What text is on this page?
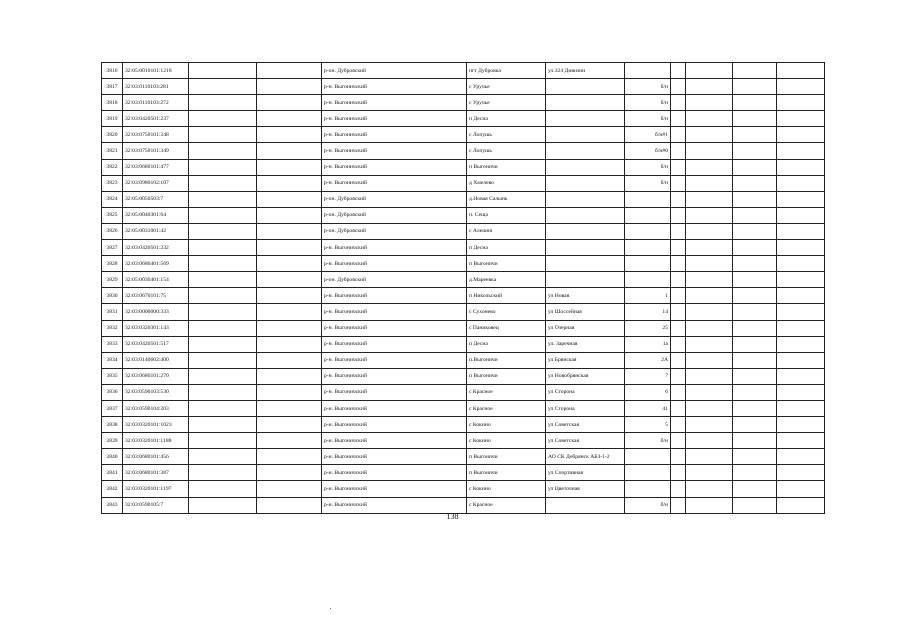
3816	32:05:0010101:1218			р-он. Дубровский	пгт Дубровка	ул.324 Дивизии					
3817	32:03:0110103:281			р-н. Выгоничский	с Уручье		б/н				
3818	32:03:0110103:272			р-н. Выгоничский	с Уручье		б/н				
3819	32:03:0420501:237			р-н. Выгоничский	п Десна		б/н				
3820	32:03:0750101:348			р-н. Выгоничский	с Лопушь		б/н#1				
3821	32:03:0750101:349			р-н. Выгоничский	с Лопушь		б/н#0				
3822	32:03:0680101:477			р-н. Выгоничский	п Выгоничи		б/н				
3823	32:03:0980102:107			р-н. Выгоничский	д Хмелево		б/н				
3824	32:05:0050503:7			р-он. Дубровский	д.Новая Салынь						
3825	32:05:0040301:64			р-он. Дубровский	п. Сеща						
3826	32:05:0031001:42			р-он. Дубровский	с Алешня						
3827	32:03:0420501:232			р-н. Выгоничский	п Десна						
3828	32:03:0680401:569			р-н. Выгоничский	п Выгоничи						
3829	32:05:0030401:154			р-он. Дубровский	д.Мареевка						
3830	32:03:0670101:75			р-н. Выгоничский	п Никольский	ул Новая	1				
3831	32:03:0000000:333			р-н. Выгоничский	с Сухоневo	ул Шоссейная	14				
3832	32:03:0320301:143			р-н. Выгоничский	с Паниковец	ул Озерная	25				
3833	32:03:0420501:517			р-н. Выгоничский	п Десна	ул. Заречная	1а				
3834	32:03:0140602:400			р-н. Выгоничский	п.Выгоничи	ул Брянская	2А				
3835	32:03:0680101:270			р-н. Выгоничский	п Выгоничи	ул Новобрянская	7				
3836	32:03:0590103:530			р-н. Выгоничский	с Красное	ул Сторона	6				
3837	32:03:0590104:203			р-н. Выгоничский	с Красное	ул Сторона	41				
3838	32:03:0320101:1023			р-н. Выгоничский	с Кокино	ул Советская	5				
3839	32:03:0320101:1188			р-н. Выгоничский	с Кокино	ул Советская	б/н				
3840	32:03:0680101:456			р-н. Выгоничский	п Выгоничи	АО СК Дебрянск АБЗ-1-2					
3841	32:03:0680101:387			р-н. Выгоничский	п Выгоничи	ул Спортивная					
3842	32:03:0320101:1197			р-н. Выгоничский	с Кокино	ул Цветочная					
3843	32:03:0590105:7			р-н. Выгоничский	с Красное		б/н				
138
